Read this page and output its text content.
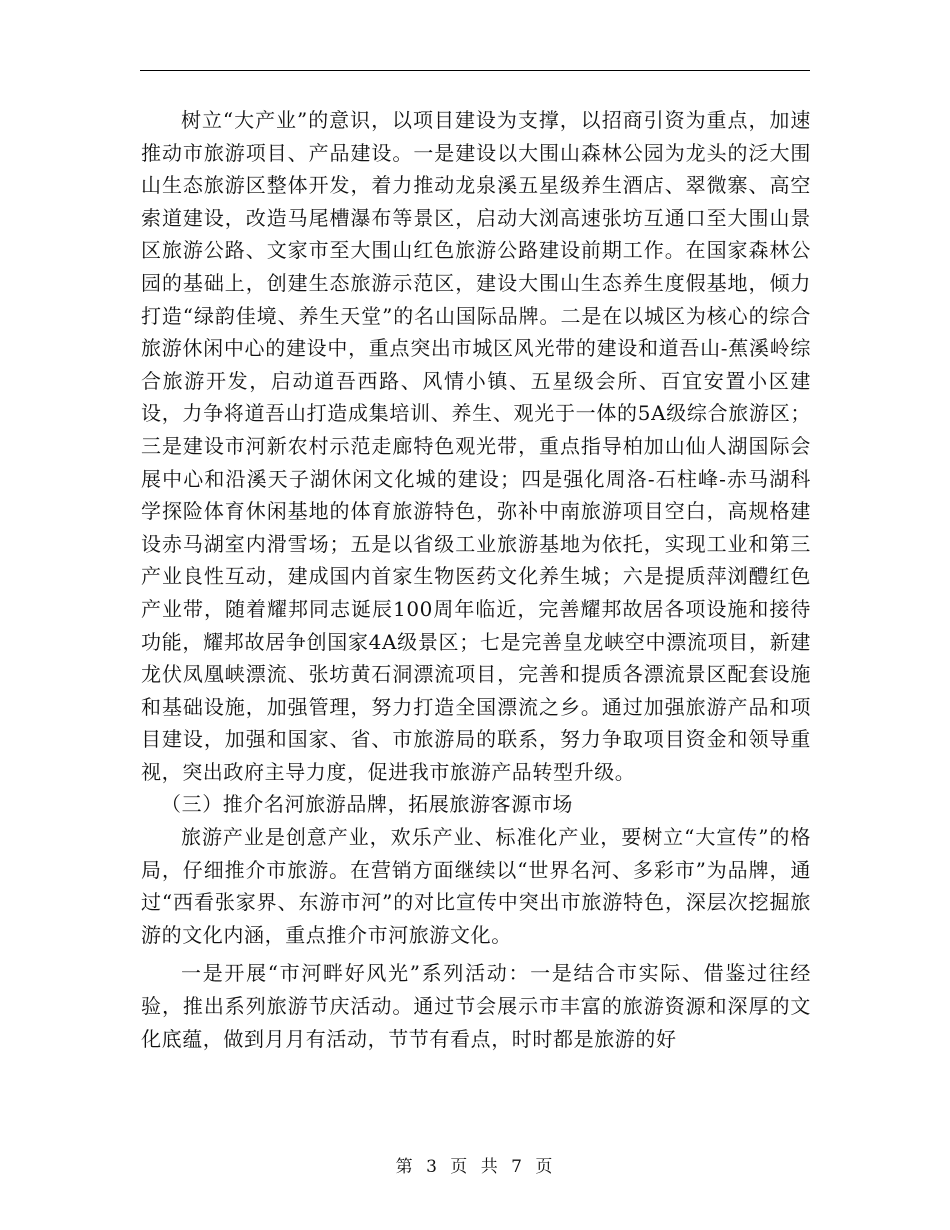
树立“大产业”的意识，以项目建设为支撑，以招商引资为重点，加速推动市旅游项目、产品建设。一是建设以大围山森林公园为龙头的泛大围山生态旅游区整体开发，着力推动龙泉溪五星级养生酒店、翠微寨、高空索道建设，改造马尾槽瀑布等景区，启动大浏高速张坊互通口至大围山景区旅游公路、文家市至大围山红色旅游公路建设前期工作。在国家森林公园的基础上，创建生态旅游示范区，建设大围山生态养生度假基地，倾力打造“绿韵佳境、养生天堂”的名山国际品牌。二是在以城区为核心的综合旅游休闲中心的建设中，重点突出市城区风光带的建设和道吾山-蕉溪岭综合旅游开发，启动道吾西路、风情小镇、五星级会所、百宜安置小区建设，力争将道吾山打造成集培训、养生、观光于一体的5A级综合旅游区；三是建设市河新农村示范走廊特色观光带，重点指导柏加山仙人湖国际会展中心和沿溪天子湖休闲文化城的建设；四是强化周洛-石柱峰-赤马湖科学探险体育休闲基地的体育旅游特色，弥补中南旅游项目空白，高规格建设赤马湖室内滑雪场；五是以省级工业旅游基地为依托，实现工业和第三产业良性互动，建成国内首家生物医药文化养生城；六是提质萍浏醴红色产业带，随着耀邦同志诞辰100周年临近，完善耀邦故居各项设施和接待功能，耀邦故居争创国家4A级景区；七是完善皇龙峡空中漂流项目，新建龙伏凤凰峡漂流、张坊黄石洞漂流项目，完善和提质各漂流景区配套设施和基础设施，加强管理，努力打造全国漂流之乡。通过加强旅游产品和项目建设，加强和国家、省、市旅游局的联系，努力争取项目资金和领导重视，突出政府主导力度，促进我市旅游产品转型升级。

（三）推介名河旅游品牌，拓展旅游客源市场

旅游产业是创意产业，欢乐产业、标准化产业，要树立“大宣传”的格局，仔细推介市旅游。在营销方面继续以“世界名河、多彩市”为品牌，通过“西看张家界、东游市河”的对比宣传中突出市旅游特色，深层次挖掘旅游的文化内涵，重点推介市河旅游文化。

一是开展“市河畔好风光”系列活动：一是结合市实际、借鉴过往经验，推出系列旅游节庆活动。通过节会展示市丰富的旅游资源和深厚的文化底蕴，做到月月有活动，节节有看点，时时都是旅游的好

第 3 页 共 7 页
